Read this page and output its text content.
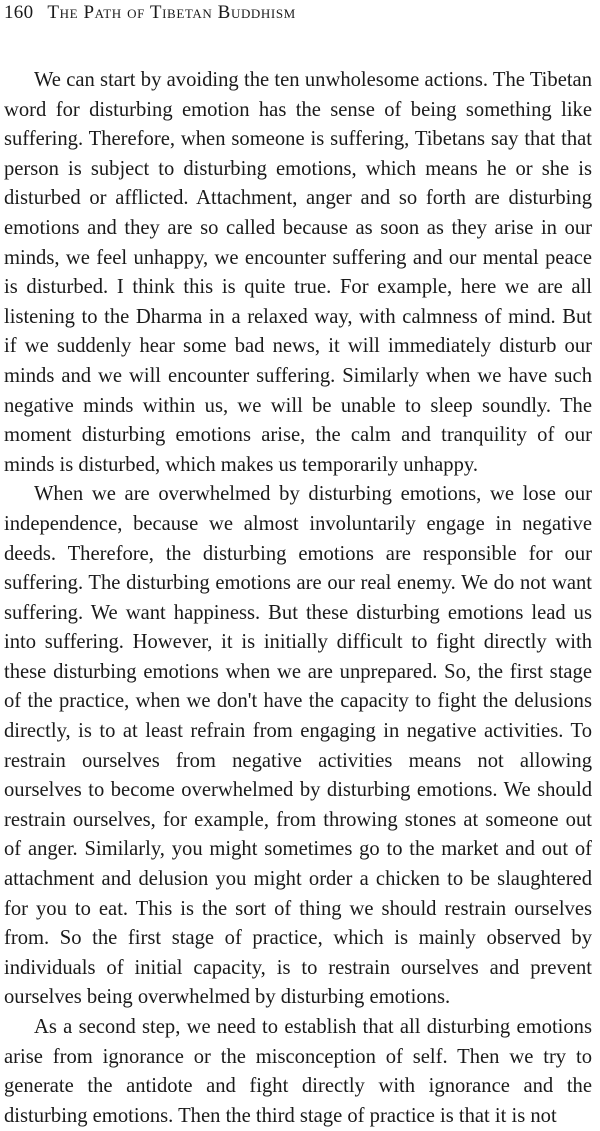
160 The Path of Tibetan Buddhism

We can start by avoiding the ten unwholesome actions. The Tibetan word for disturbing emotion has the sense of being something like suffering. Therefore, when someone is suffering, Tibetans say that that person is subject to disturbing emotions, which means he or she is disturbed or afflicted. Attachment, anger and so forth are disturbing emotions and they are so called because as soon as they arise in our minds, we feel unhappy, we encounter suffering and our mental peace is disturbed. I think this is quite true. For example, here we are all listening to the Dharma in a relaxed way, with calmness of mind. But if we suddenly hear some bad news, it will immediately disturb our minds and we will encounter suffering. Similarly when we have such negative minds within us, we will be unable to sleep soundly. The moment disturbing emotions arise, the calm and tranquility of our minds is disturbed, which makes us temporarily unhappy.

When we are overwhelmed by disturbing emotions, we lose our independence, because we almost involuntarily engage in negative deeds. Therefore, the disturbing emotions are responsible for our suffering. The disturbing emotions are our real enemy. We do not want suffering. We want happiness. But these disturbing emotions lead us into suffering. However, it is initially difficult to fight directly with these disturbing emotions when we are unprepared. So, the first stage of the practice, when we don't have the capacity to fight the delusions directly, is to at least refrain from engaging in negative activities. To restrain ourselves from negative activities means not allowing ourselves to become overwhelmed by disturbing emotions. We should restrain ourselves, for example, from throwing stones at someone out of anger. Similarly, you might sometimes go to the market and out of attachment and delusion you might order a chicken to be slaughtered for you to eat. This is the sort of thing we should restrain ourselves from. So the first stage of practice, which is mainly observed by individuals of initial capacity, is to restrain ourselves and prevent ourselves being overwhelmed by disturbing emotions.

As a second step, we need to establish that all disturbing emotions arise from ignorance or the misconception of self. Then we try to generate the antidote and fight directly with ignorance and the disturbing emotions. Then the third stage of practice is that it is not
